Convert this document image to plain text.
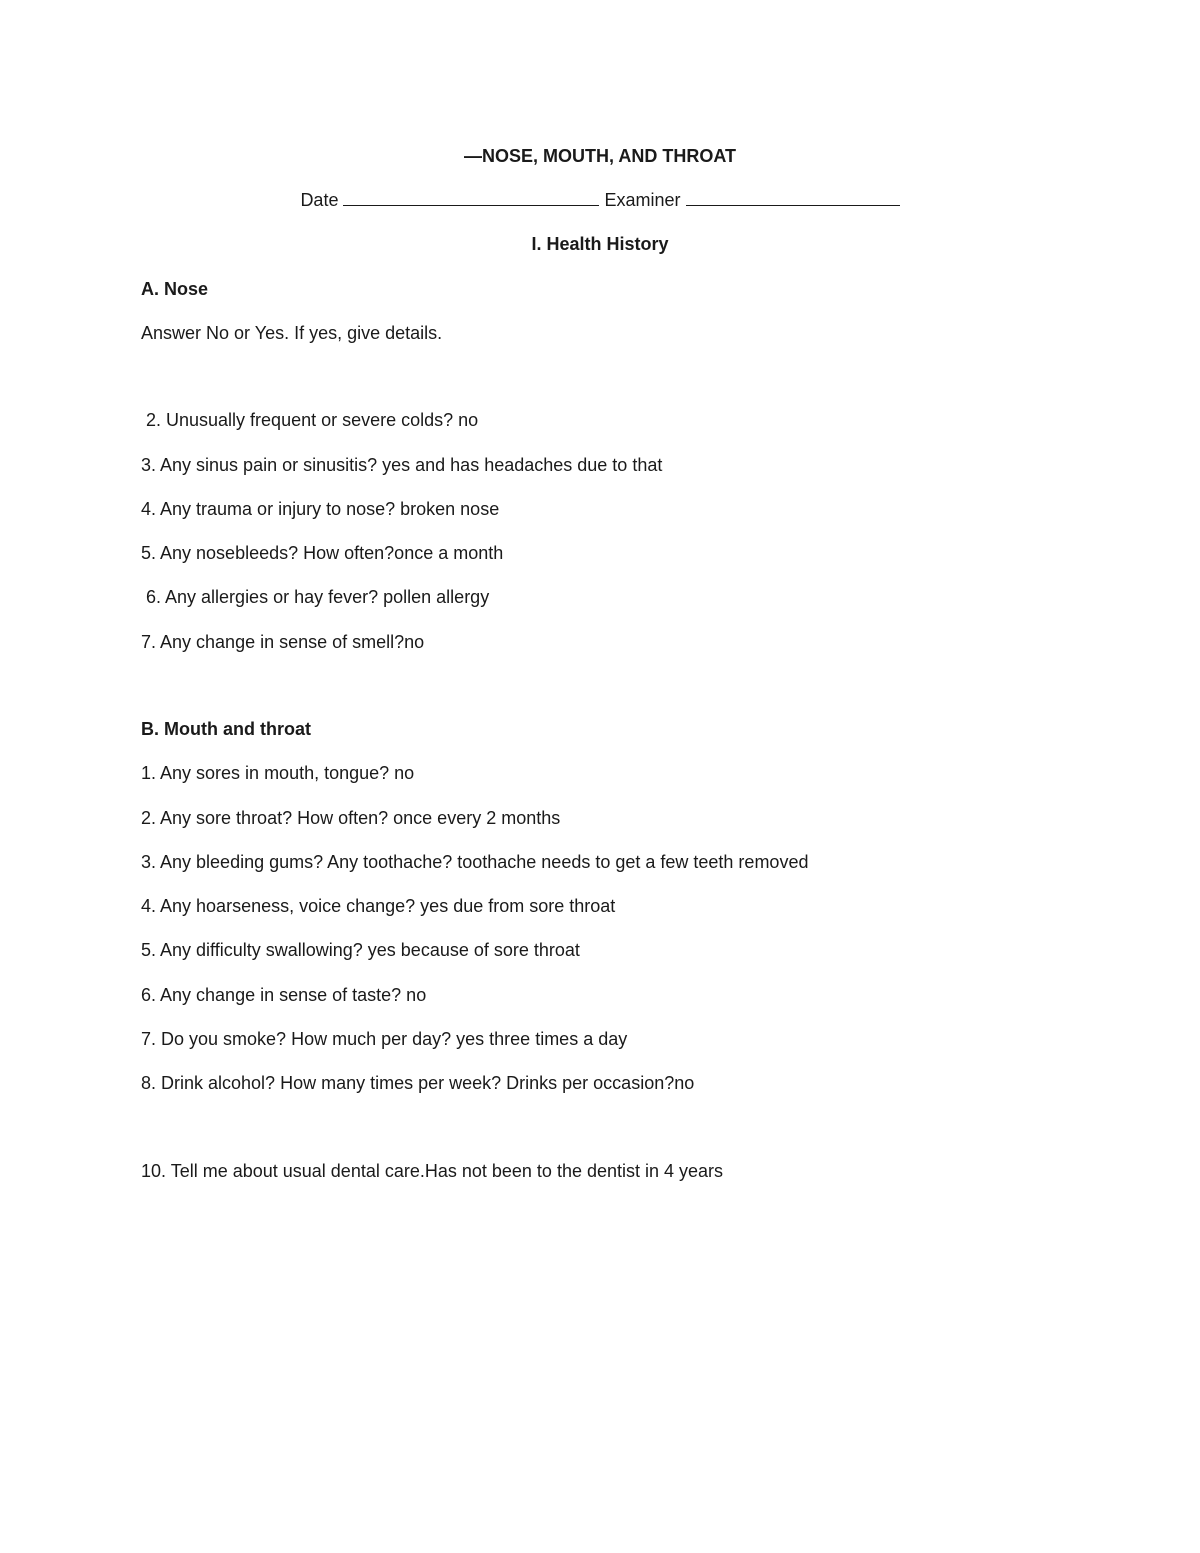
—NOSE, MOUTH, AND THROAT
Date	Examiner
I. Health History
A. Nose
Answer No or Yes. If yes, give details.
2. Unusually frequent or severe colds? no
3. Any sinus pain or sinusitis? yes and has headaches due to that
4. Any trauma or injury to nose? broken nose
5. Any nosebleeds? How often?once a month
6. Any allergies or hay fever? pollen allergy
7. Any change in sense of smell?no
B. Mouth and throat
1. Any sores in mouth, tongue? no
2. Any sore throat? How often? once every 2 months
3. Any bleeding gums? Any toothache? toothache needs to get a few teeth removed
4. Any hoarseness, voice change? yes due from sore throat
5. Any difficulty swallowing? yes because of sore throat
6. Any change in sense of taste? no
7. Do you smoke? How much per day? yes three times a day
8. Drink alcohol? How many times per week? Drinks per occasion?no
10. Tell me about usual dental care.Has not been to the dentist in 4 years
